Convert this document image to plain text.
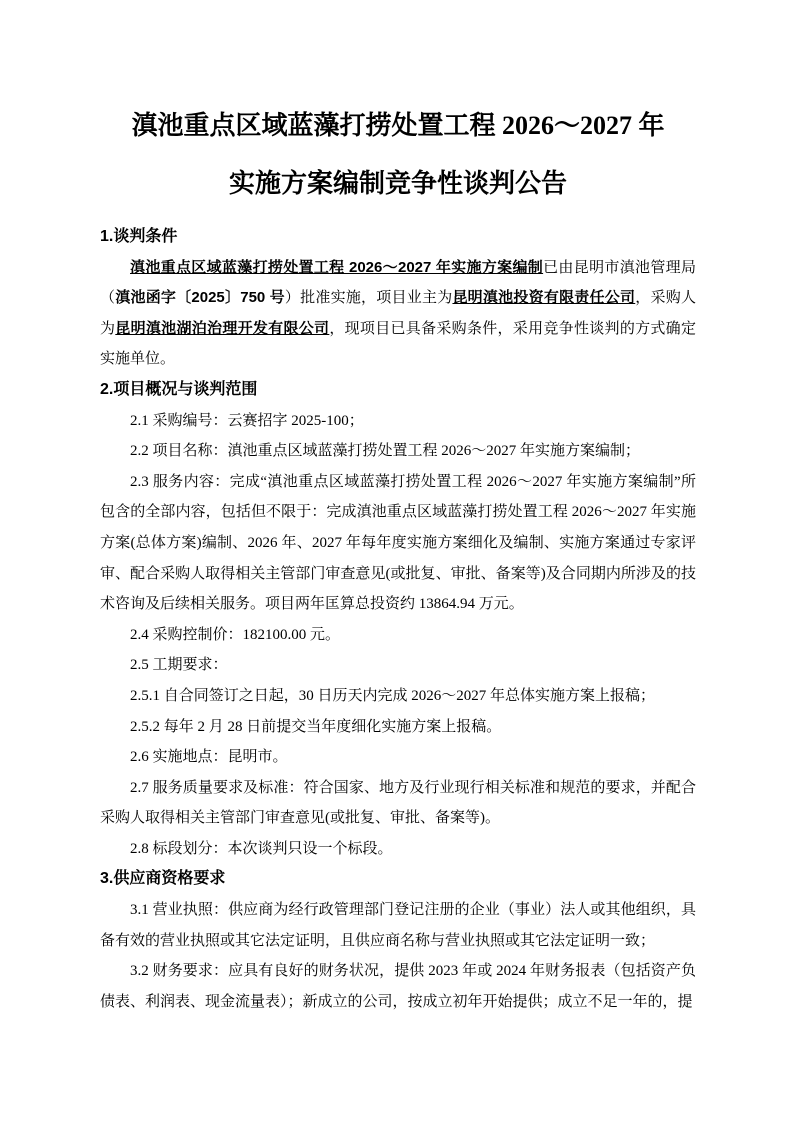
滇池重点区域蓝藻打捞处置工程 2026～2027 年
实施方案编制竞争性谈判公告
1.谈判条件

滇池重点区域蓝藻打捞处置工程 2026～2027 年实施方案编制已由昆明市滇池管理局（滇池函字〔2025〕750 号）批准实施，项目业主为昆明滇池投资有限责任公司，采购人为昆明滇池湖泊治理开发有限公司，现项目已具备采购条件，采用竞争性谈判的方式确定实施单位。

2.项目概况与谈判范围

2.1 采购编号：云赛招字 2025-100；

2.2 项目名称：滇池重点区域蓝藻打捞处置工程 2026～2027 年实施方案编制；

2.3 服务内容：完成“滇池重点区域蓝藻打捞处置工程 2026～2027 年实施方案编制”所包含的全部内容，包括但不限于：完成滇池重点区域蓝藻打捞处置工程 2026～2027 年实施方案(总体方案)编制、2026 年、2027 年每年度实施方案细化及编制、实施方案通过专家评审、配合采购人取得相关主管部门审查意见(或批复、审批、备案等)及合同期内所涉及的技术咨询及后续相关服务。项目两年匡算总投资约 13864.94 万元。

2.4 采购控制价：182100.00 元。

2.5 工期要求：

2.5.1 自合同签订之日起，30 日历天内完成 2026～2027 年总体实施方案上报稿；

2.5.2 每年 2 月 28 日前提交当年度细化实施方案上报稿。

2.6 实施地点：昆明市。

2.7 服务质量要求及标准：符合国家、地方及行业现行相关标准和规范的要求，并配合采购人取得相关主管部门审查意见(或批复、审批、备案等)。

2.8 标段划分：本次谈判只设一个标段。

3.供应商资格要求

3.1 营业执照：供应商为经行政管理部门登记注册的企业（事业）法人或其他组织，具备有效的营业执照或其它法定证明，且供应商名称与营业执照或其它法定证明一致；

3.2 财务要求：应具有良好的财务状况，提供 2023 年或 2024 年财务报表（包括资产负债表、利润表、现金流量表）；新成立的公司，按成立初年开始提供；成立不足一年的，提
